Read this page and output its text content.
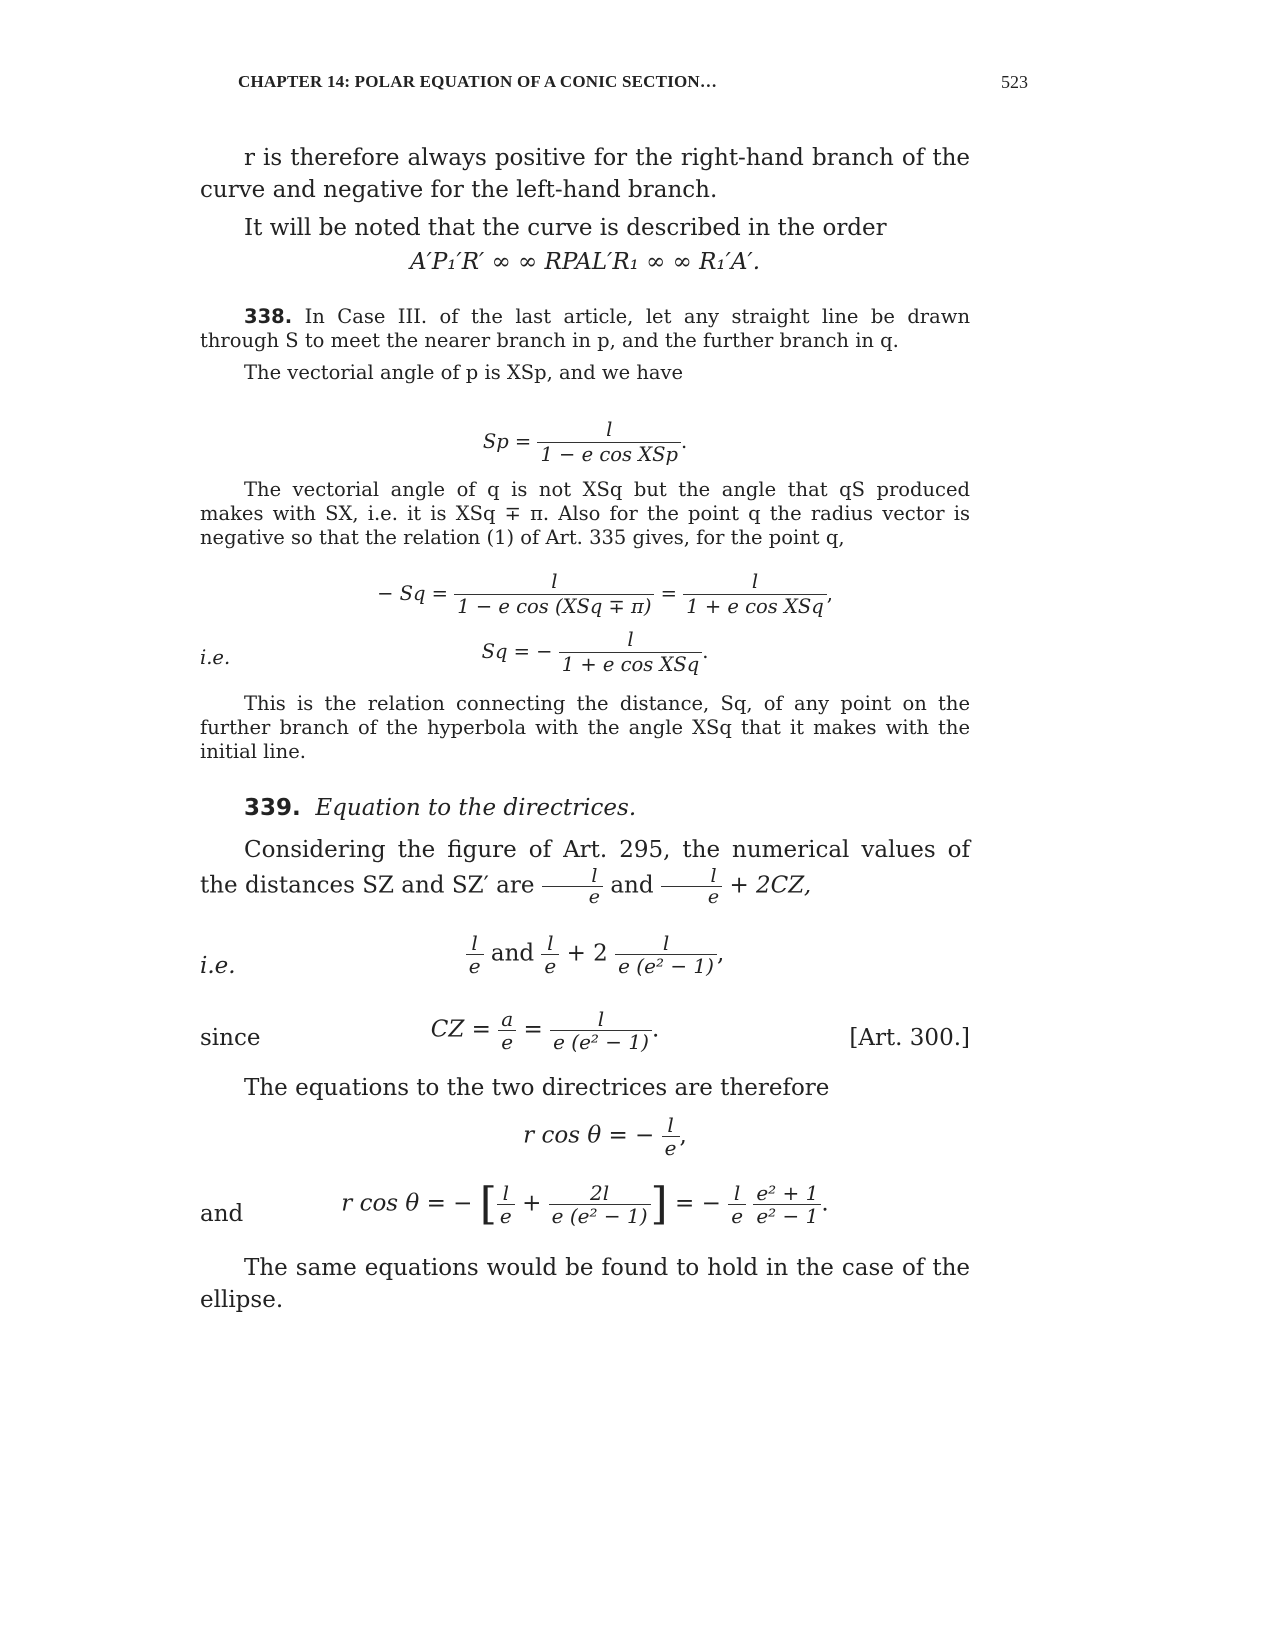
CHAPTER 14: POLAR EQUATION OF A CONIC SECTION…	523

r is therefore always positive for the right-hand branch of the curve and negative for the left-hand branch.

It will be noted that the curve is described in the order

A′P₁′R′ ∞ ∞ RPAL′R₁ ∞ ∞ R₁′A′.

338. In Case III. of the last article, let any straight line be drawn through S to meet the nearer branch in p, and the further branch in q.

The vectorial angle of p is XSp, and we have

$Sp = \frac{l}{\text{1 − e cos XSp}}$ .

The vectorial angle of q is not XSq but the angle that qS produced makes with SX, i.e. it is XSq ∓ π. Also for the point q the radius vector is negative so that the relation (1) of Art. 335 gives, for the point q,

− $Sq = \frac{l}{\text{1 − e cos (XSq ∓ π)}} = \frac{l}{\text{1 + e cos XSq}}$ ,
i.e.	Sq = − $\frac{l}{\text{1 + e cos XSq}}$ .

This is the relation connecting the distance, Sq, of any point on the further branch of the hyperbola with the angle XSq that it makes with the initial line.

339. Equation to the directrices.

Considering the figure of Art. 295, the numerical values of the distances SZ and SZ′ are $\frac{l}{e}$ and $\frac{l}{e} + 2CZ$,

i.e.	$\frac{l}{e}$ and $\frac{l}{e} + 2 \frac{l}{\text{e (e² − 1)}}$ ,
since	CZ = $\frac{a}{e} = \frac{l}{\text{e (e² − 1)}}$ .	[Art. 300.]

The equations to the two directrices are therefore

r cos θ = − $\frac{l}{e}$ ,
and	r cos θ = − [ $\frac{l}{e} + \frac{2l}{\text{e (e² − 1)}}$ ] = − $\frac{l}{e}$
$\frac{\text{e² + 1}}{\text{e² − 1}}$ .

The same equations would be found to hold in the case of the ellipse.
